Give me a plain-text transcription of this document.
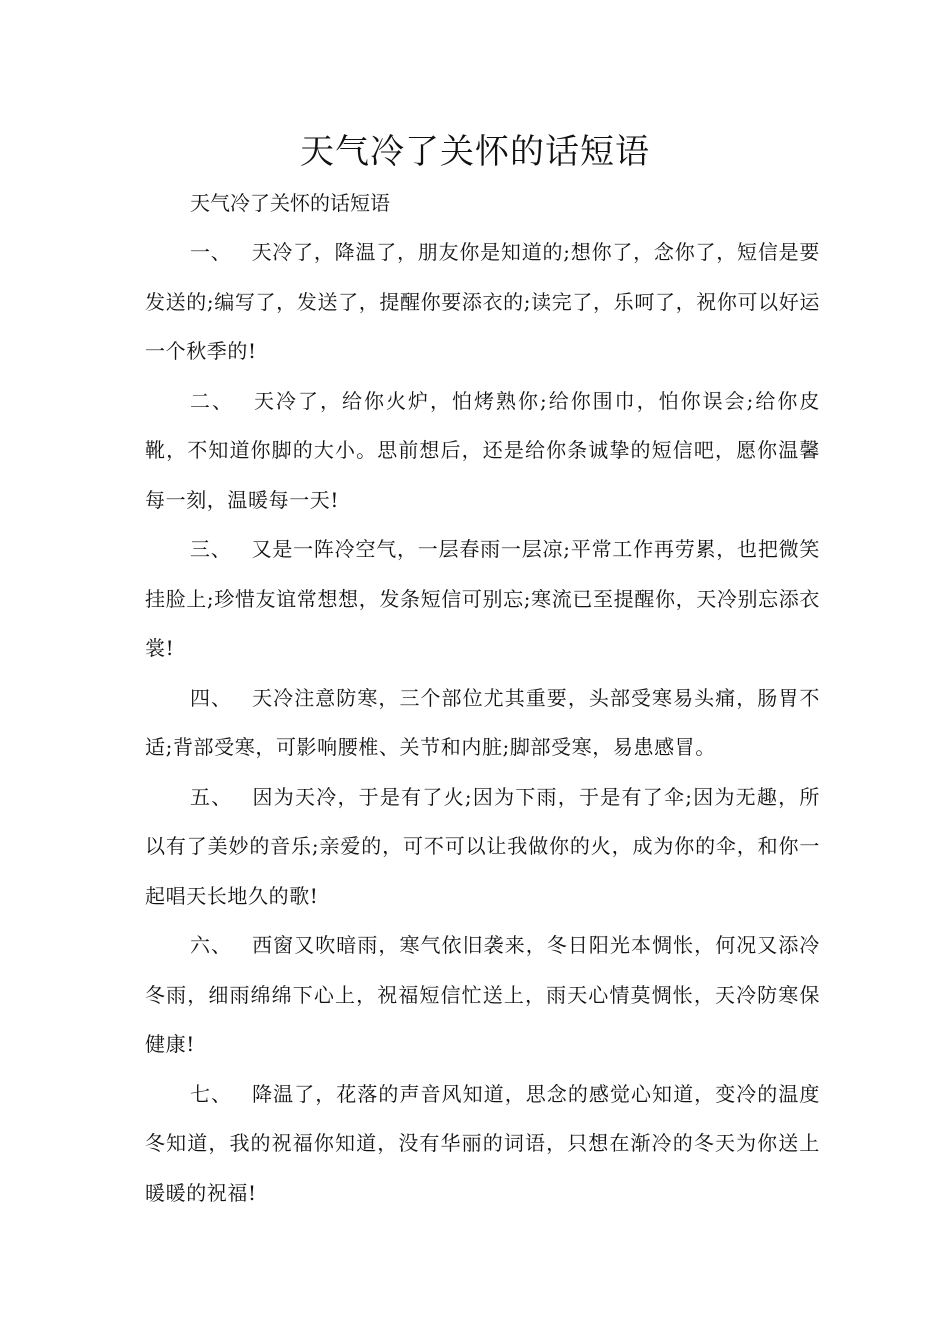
天气冷了关怀的话短语

天气冷了关怀的话短语

一、 天冷了，降温了，朋友你是知道的;想你了，念你了，短信是要发送的;编写了，发送了，提醒你要添衣的;读完了，乐呵了，祝你可以好运一个秋季的!

二、 天冷了，给你火炉，怕烤熟你;给你围巾，怕你误会;给你皮靴，不知道你脚的大小。思前想后，还是给你条诚挚的短信吧，愿你温馨每一刻，温暖每一天!

三、 又是一阵冷空气，一层春雨一层凉;平常工作再劳累，也把微笑挂脸上;珍惜友谊常想想，发条短信可别忘;寒流已至提醒你，天冷别忘添衣裳!

四、 天冷注意防寒，三个部位尤其重要，头部受寒易头痛，肠胃不适;背部受寒，可影响腰椎、关节和内脏;脚部受寒，易患感冒。

五、 因为天冷，于是有了火;因为下雨，于是有了伞;因为无趣，所以有了美妙的音乐;亲爱的，可不可以让我做你的火，成为你的伞，和你一起唱天长地久的歌!

六、 西窗又吹暗雨，寒气依旧袭来，冬日阳光本惆怅，何况又添冷冬雨，细雨绵绵下心上，祝福短信忙送上，雨天心情莫惆怅，天冷防寒保健康!

七、 降温了，花落的声音风知道，思念的感觉心知道，变冷的温度冬知道，我的祝福你知道，没有华丽的词语，只想在渐冷的冬天为你送上暖暖的祝福!
